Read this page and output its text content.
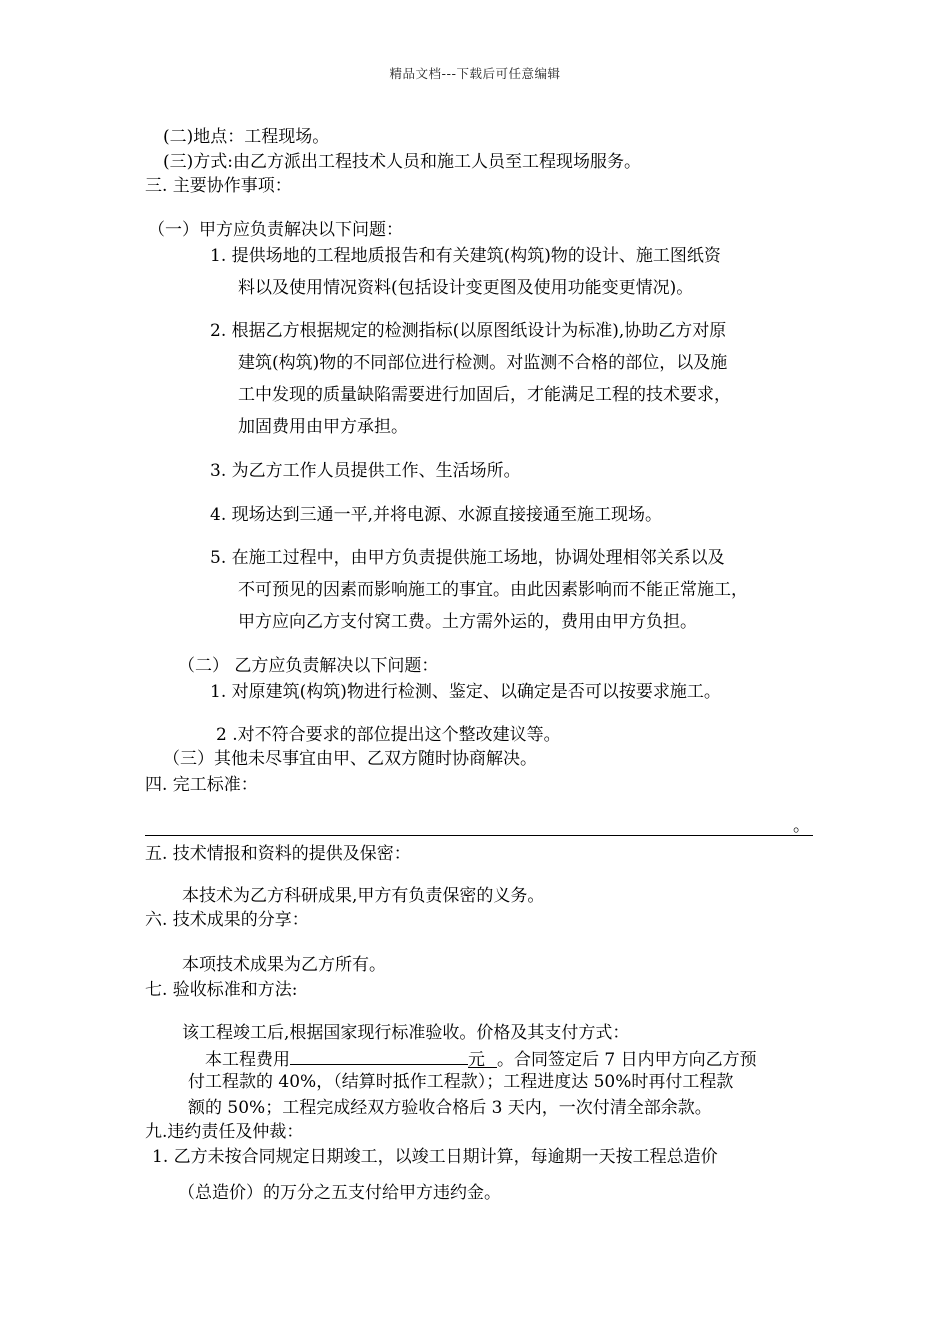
精品文档---下载后可任意编辑
(二)地点：工程现场。
(三)方式:由乙方派出工程技术人员和施工人员至工程现场服务。
三. 主要协作事项：
（一）甲方应负责解决以下问题：
1. 提供场地的工程地质报告和有关建筑(构筑)物的设计、施工图纸资
料以及使用情况资料(包括设计变更图及使用功能变更情况)。
2. 根据乙方根据规定的检测指标(以原图纸设计为标准),协助乙方对原
建筑(构筑)物的不同部位进行检测。对监测不合格的部位，以及施
工中发现的质量缺陷需要进行加固后，才能满足工程的技术要求，
加固费用由甲方承担。
3. 为乙方工作人员提供工作、生活场所。
4. 现场达到三通一平,并将电源、水源直接接通至施工现场。
5. 在施工过程中，由甲方负责提供施工场地，协调处理相邻关系以及
不可预见的因素而影响施工的事宜。由此因素影响而不能正常施工，
甲方应向乙方支付窝工费。土方需外运的，费用由甲方负担。
（二） 乙方应负责解决以下问题：
1. 对原建筑(构筑)物进行检测、鉴定、以确定是否可以按要求施工。
2 .对不符合要求的部位提出这个整改建议等。
（三）其他未尽事宜由甲、乙双方随时协商解决。
四. 完工标准：
。
五. 技术情报和资料的提供及保密：
本技术为乙方科研成果,甲方有负责保密的义务。
六. 技术成果的分享：
本项技术成果为乙方所有。
七. 验收标准和方法:
该工程竣工后,根据国家现行标准验收。价格及其支付方式：
本工程费用	元 。合同签定后 7 日内甲方向乙方预
付工程款的 40%，（结算时抵作工程款）；工程进度达 50%时再付工程款
额的 50%；工程完成经双方验收合格后 3 天内，一次付清全部余款。
九.违约责任及仲裁：
1. 乙方未按合同规定日期竣工，以竣工日期计算，每逾期一天按工程总造价
（总造价）的万分之五支付给甲方违约金。
